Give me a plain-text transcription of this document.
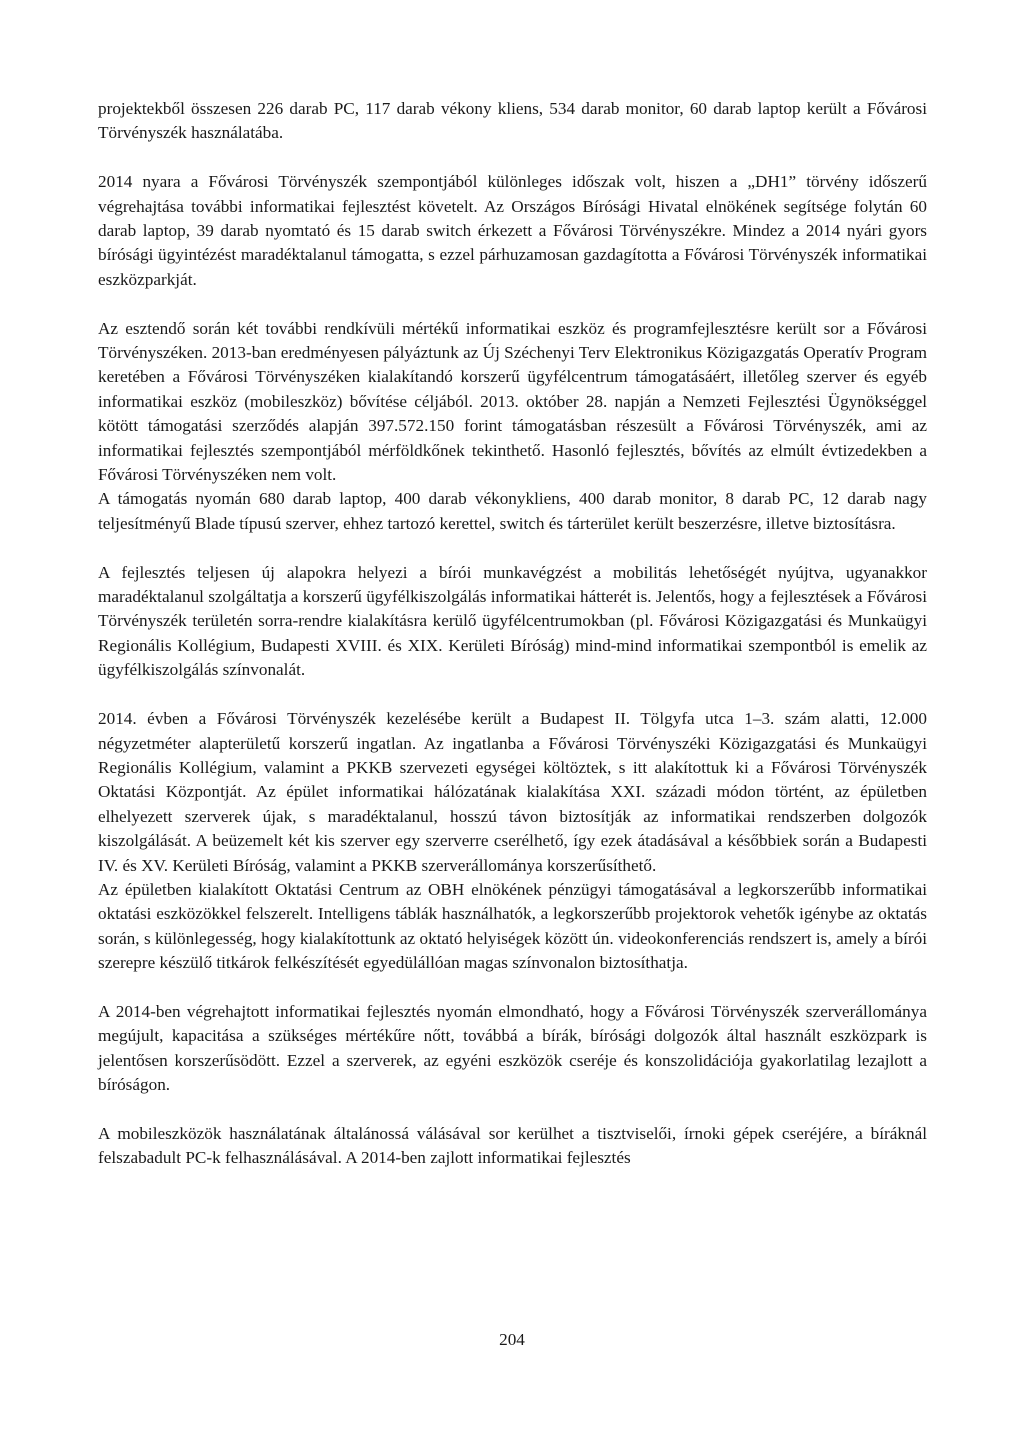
projektekből összesen 226 darab PC, 117 darab vékony kliens, 534 darab monitor, 60 darab laptop került a Fővárosi Törvényszék használatába.

2014 nyara a Fővárosi Törvényszék szempontjából különleges időszak volt, hiszen a „DH1” törvény időszerű végrehajtása további informatikai fejlesztést követelt. Az Országos Bírósági Hivatal elnökének segítsége folytán 60 darab laptop, 39 darab nyomtató és 15 darab switch érkezett a Fővárosi Törvényszékre. Mindez a 2014 nyári gyors bírósági ügyintézést maradéktalanul támogatta, s ezzel párhuzamosan gazdagította a Fővárosi Törvényszék informatikai eszközparkját.

Az esztendő során két további rendkívüli mértékű informatikai eszköz és programfejlesztésre került sor a Fővárosi Törvényszéken. 2013-ban eredményesen pályáztunk az Új Széchenyi Terv Elektronikus Közigazgatás Operatív Program keretében a Fővárosi Törvényszéken kialakítandó korszerű ügyfélcentrum támogatásáért, illetőleg szerver és egyéb informatikai eszköz (mobileszköz) bővítése céljából. 2013. október 28. napján a Nemzeti Fejlesztési Ügynökséggel kötött támogatási szerződés alapján 397.572.150 forint támogatásban részesült a Fővárosi Törvényszék, ami az informatikai fejlesztés szempontjából mérföldkőnek tekinthető. Hasonló fejlesztés, bővítés az elmúlt évtizedekben a Fővárosi Törvényszéken nem volt.

A támogatás nyomán 680 darab laptop, 400 darab vékonykliens, 400 darab monitor, 8 darab PC, 12 darab nagy teljesítményű Blade típusú szerver, ehhez tartozó kerettel, switch és tárterület került beszerzésre, illetve biztosításra.

A fejlesztés teljesen új alapokra helyezi a bírói munkavégzést a mobilitás lehetőségét nyújtva, ugyanakkor maradéktalanul szolgáltatja a korszerű ügyfélkiszolgálás informatikai hátterét is. Jelentős, hogy a fejlesztések a Fővárosi Törvényszék területén sorra-rendre kialakításra kerülő ügyfélcentrumokban (pl. Fővárosi Közigazgatási és Munkaügyi Regionális Kollégium, Budapesti XVIII. és XIX. Kerületi Bíróság) mind-mind informatikai szempontból is emelik az ügyfélkiszolgálás színvonalát.

2014. évben a Fővárosi Törvényszék kezelésébe került a Budapest II. Tölgyfa utca 1–3. szám alatti, 12.000 négyzetméter alapterületű korszerű ingatlan. Az ingatlanba a Fővárosi Törvényszéki Közigazgatási és Munkaügyi Regionális Kollégium, valamint a PKKB szervezeti egységei költöztek, s itt alakítottuk ki a Fővárosi Törvényszék Oktatási Központját. Az épület informatikai hálózatának kialakítása XXI. századi módon történt, az épületben elhelyezett szerverek újak, s maradéktalanul, hosszú távon biztosítják az informatikai rendszerben dolgozók kiszolgálását. A beüzemelt két kis szerver egy szerverre cserélhető, így ezek átadásával a későbbiek során a Budapesti IV. és XV. Kerületi Bíróság, valamint a PKKB szerverállománya korszerűsíthető.

Az épületben kialakított Oktatási Centrum az OBH elnökének pénzügyi támogatásával a legkorszerűbb informatikai oktatási eszközökkel felszerelt. Intelligens táblák használhatók, a legkorszerűbb projektorok vehetők igénybe az oktatás során, s különlegesség, hogy kialakítottunk az oktató helyiségek között ún. videokonferenciás rendszert is, amely a bírói szerepre készülő titkárok felkészítését egyedülállóan magas színvonalon biztosíthatja.

A 2014-ben végrehajtott informatikai fejlesztés nyomán elmondható, hogy a Fővárosi Törvényszék szerverállománya megújult, kapacitása a szükséges mértékűre nőtt, továbbá a bírák, bírósági dolgozók által használt eszközpark is jelentősen korszerűsödött. Ezzel a szerverek, az egyéni eszközök cseréje és konszolidációja gyakorlatilag lezajlott a bíróságon.

A mobileszközök használatának általánossá válásával sor kerülhet a tisztviselői, írnoki gépek cseréjére, a bíráknál felszabadult PC-k felhasználásával. A 2014-ben zajlott informatikai fejlesztés

204
